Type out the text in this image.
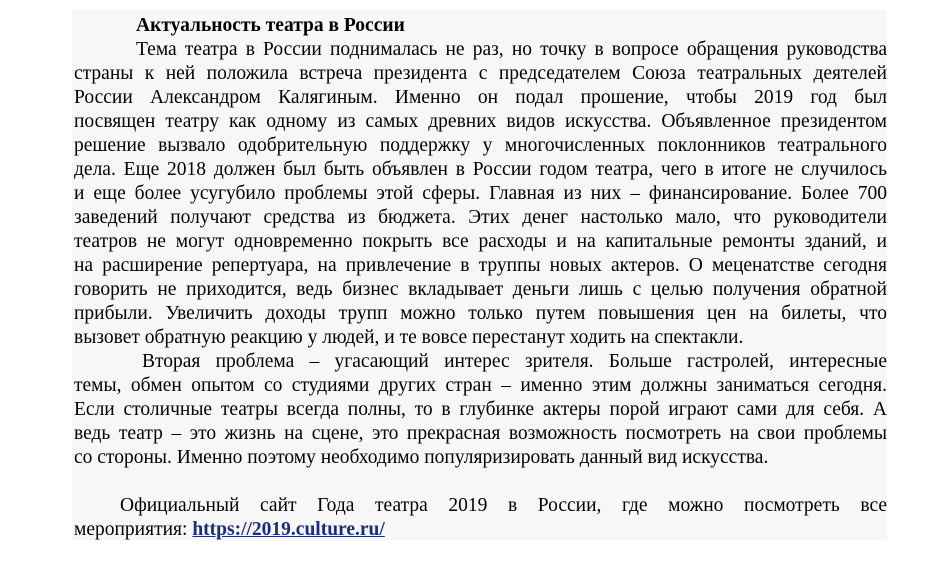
Актуальность театра в России
Тема театра в России поднималась не раз, но точку в вопросе обращения руководства
страны к ней положила встреча президента с председателем Союза театральных деятелей
России Александром Калягиным. Именно он подал прошение, чтобы 2019 год был
посвящен театру как одному из самых древних видов искусства. Объявленное президентом
решение вызвало одобрительную поддержку у многочисленных поклонников театрального
дела. Еще 2018 должен был быть объявлен в России годом театра, чего в итоге не случилось
и еще более усугубило проблемы этой сферы. Главная из них – финансирование. Более 700
заведений получают средства из бюджета. Этих денег настолько мало, что руководители
театров не могут одновременно покрыть все расходы и на капитальные ремонты зданий, и
на расширение репертуара, на привлечение в труппы новых актеров. О меценатстве сегодня
говорить не приходится, ведь бизнес вкладывает деньги лишь с целью получения обратной
прибыли. Увеличить доходы трупп можно только путем повышения цен на билеты, что
вызовет обратную реакцию у людей, и те вовсе перестанут ходить на спектакли.
Вторая проблема – угасающий интерес зрителя. Больше гастролей, интересные
темы, обмен опытом со студиями других стран – именно этим должны заниматься сегодня.
Если столичные театры всегда полны, то в глубинке актеры порой играют сами для себя. А
ведь театр – это жизнь на сцене, это прекрасная возможность посмотреть на свои проблемы
со стороны. Именно поэтому необходимо популяризировать данный вид искусства.
Официальный сайт Года театра 2019 в России, где можно посмотреть все
мероприятия: https://2019.culture.ru/
